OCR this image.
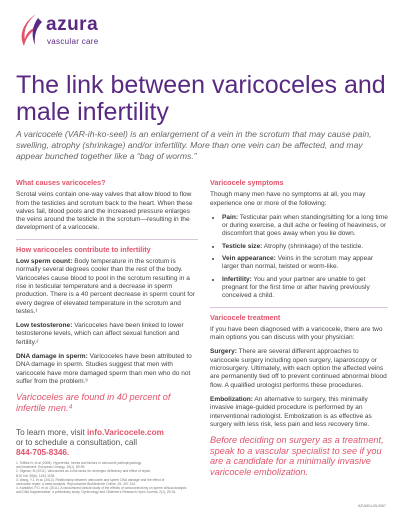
azura
vascular care
The link between varicoceles and male infertility

A varicocele (VAR-ih-ko-seel) is an enlargement of a vein in the scrotum that may cause pain, swelling, atrophy (shrinkage) and/or infertility. More than one vein can be affected, and may appear bunched together like a “bag of worms.”

What causes varicoceles?
Scrotal veins contain one-way valves that allow blood to flow from the testicles and scrotum back to the heart. When these valves fail, blood pools and the increased pressure enlarges the veins around the testicle in the scrotum—resulting in the development of a varicocele.
How varicoceles contribute to infertility
Low sperm count: Body temperature in the scrotum is normally several degrees cooler than the rest of the body. Varicoceles cause blood to pool in the scrotum resulting in a rise in testicular temperature and a decrease in sperm production. There is a 40 percent decrease in sperm count for every degree of elevated temperature in the scrotum and testes.¹
Low testosterone: Varicoceles have been linked to lower testosterone levels, which can affect sexual function and fertility.²
DNA damage in sperm: Varicoceles have been attributed to DNA damage in sperm. Studies suggest that men with varicocele have more damaged sperm than men who do not suffer from the problem.³
Varicoceles are found in 40 percent of infertile men.⁴
Varicocele symptoms
Though many men have no symptoms at all, you may experience one or more of the following:
• Pain: Testicular pain when standing/sitting for a long time or during exercise, a dull ache or feeling of heaviness, or discomfort that goes away when you lie down.
• Testicle size: Atrophy (shrinkage) of the testicle.
• Vein appearance: Veins in the scrotum may appear larger than normal, twisted or worm-like.
• Infertility: You and your partner are unable to get pregnant for the first time or after having previously conceived a child.
Varicocele treatment
If you have been diagnosed with a varicocele, there are two main options you can discuss with your physician:
Surgery: There are several different approaches to varicocele surgery including open surgery, laparoscopy or microsurgery. Ultimately, with each option the affected veins are permanently tied off to prevent continued abnormal blood flow. A qualified urologist performs these procedures.
Embolization: An alternative to surgery, this minimally invasive image-guided procedure is performed by an interventional radiologist. Embolization is as effective as surgery with less risk, less pain and less recovery time.
Before deciding on surgery as a treatment, speak to a vascular specialist to see if you are a candidate for a minimally invasive varicocele embolization.
To learn more, visit info.Varicocele.com
or to schedule a consultation, call
844-705-8346.
1. Tsiftsis N, et al (2008). Hyperemia, hernia and factors in varicocele pathophysiology
and treatment. European Urology, 15(1), 89-99.
2. Sigman, M (2011). Varicoceles as a risk factor for androgen deficiency and effect of repair.
BJU Intl, 98(6), 1194-1198.
3. Wang, Y.J. et al. (2012). Relationship between varicocele and sperm DNA damage and the effect of
varicocele repair: a meta-analysis. Reproductive BioMedicine Online, 25, 307-314.
4. Kantartzi, P.D. et al. (2011). A randomized clinical study of the effects of varicocelectomy on sperm clinical analysis
and DNA fragmentation: a preliminary study. Gynecology and Obstetric's Research Open Journal, 2(1), 29-34.
AZVADU-05-0067
